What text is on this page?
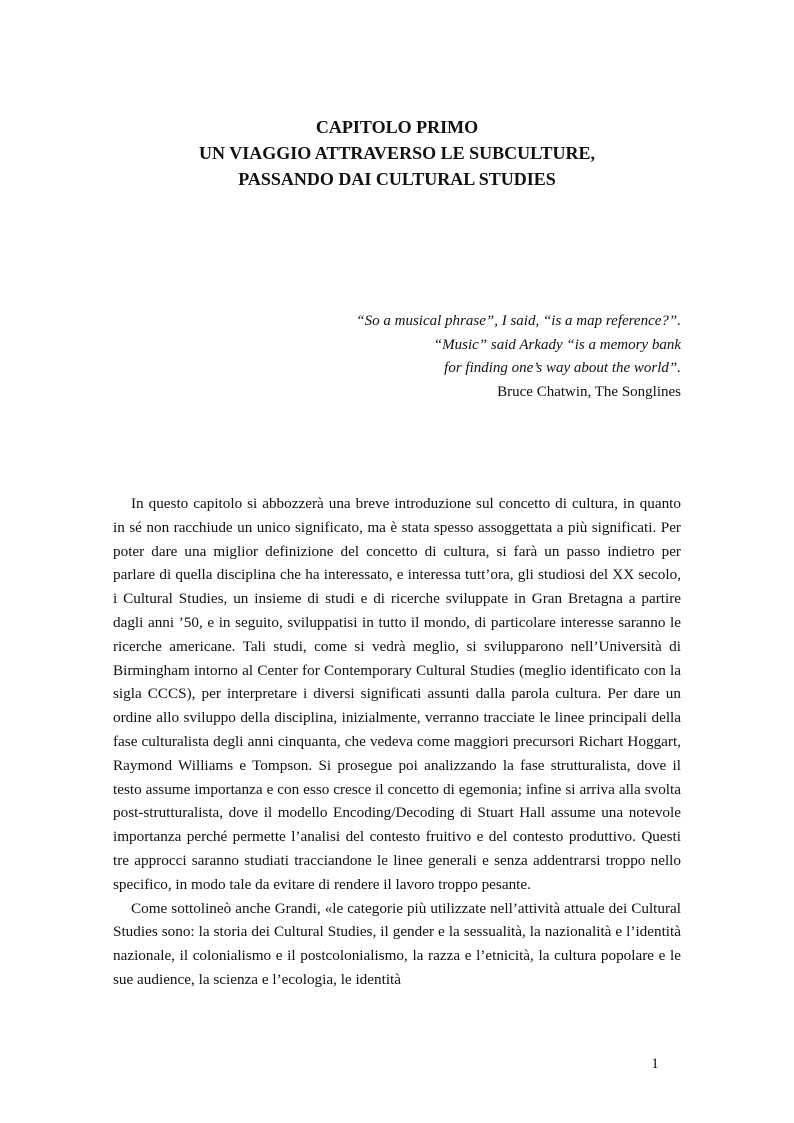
CAPITOLO PRIMO
UN VIAGGIO ATTRAVERSO LE SUBCULTURE,
PASSANDO DAI CULTURAL STUDIES
“So a musical phrase”, I said, “is a map reference?”.
“Music” said Arkady “is a memory bank
for finding one’s way about the world”.
Bruce Chatwin, The Songlines

In questo capitolo si abbozzerà una breve introduzione sul concetto di cultura, in quanto in sé non racchiude un unico significato, ma è stata spesso assoggettata a più significati. Per poter dare una miglior definizione del concetto di cultura, si farà un passo indietro per parlare di quella disciplina che ha interessato, e interessa tutt’ora, gli studiosi del XX secolo, i Cultural Studies, un insieme di studi e di ricerche sviluppate in Gran Bretagna a partire dagli anni ’50, e in seguito, sviluppatisi in tutto il mondo, di particolare interesse saranno le ricerche americane. Tali studi, come si vedrà meglio, si svilupparono nell’Università di Birmingham intorno al Center for Contemporary Cultural Studies (meglio identificato con la sigla CCCS), per interpretare i diversi significati assunti dalla parola cultura. Per dare un ordine allo sviluppo della disciplina, inizialmente, verranno tracciate le linee principali della fase culturalista degli anni cinquanta, che vedeva come maggiori precursori Richart Hoggart, Raymond Williams e Tompson. Si prosegue poi analizzando la fase strutturalista, dove il testo assume importanza e con esso cresce il concetto di egemonia; infine si arriva alla svolta post-strutturalista, dove il modello Encoding/Decoding di Stuart Hall assume una notevole importanza perché permette l’analisi del contesto fruitivo e del contesto produttivo. Questi tre approcci saranno studiati tracciandone le linee generali e senza addentrarsi troppo nello specifico, in modo tale da evitare di rendere il lavoro troppo pesante.

Come sottolineò anche Grandi, «le categorie più utilizzate nell’attività attuale dei Cultural Studies sono: la storia dei Cultural Studies, il gender e la sessualità, la nazionalità e l’identità nazionale, il colonialismo e il postcolonialismo, la razza e l’etnicità, la cultura popolare e le sue audience, la scienza e l’ecologia, le identità

1
